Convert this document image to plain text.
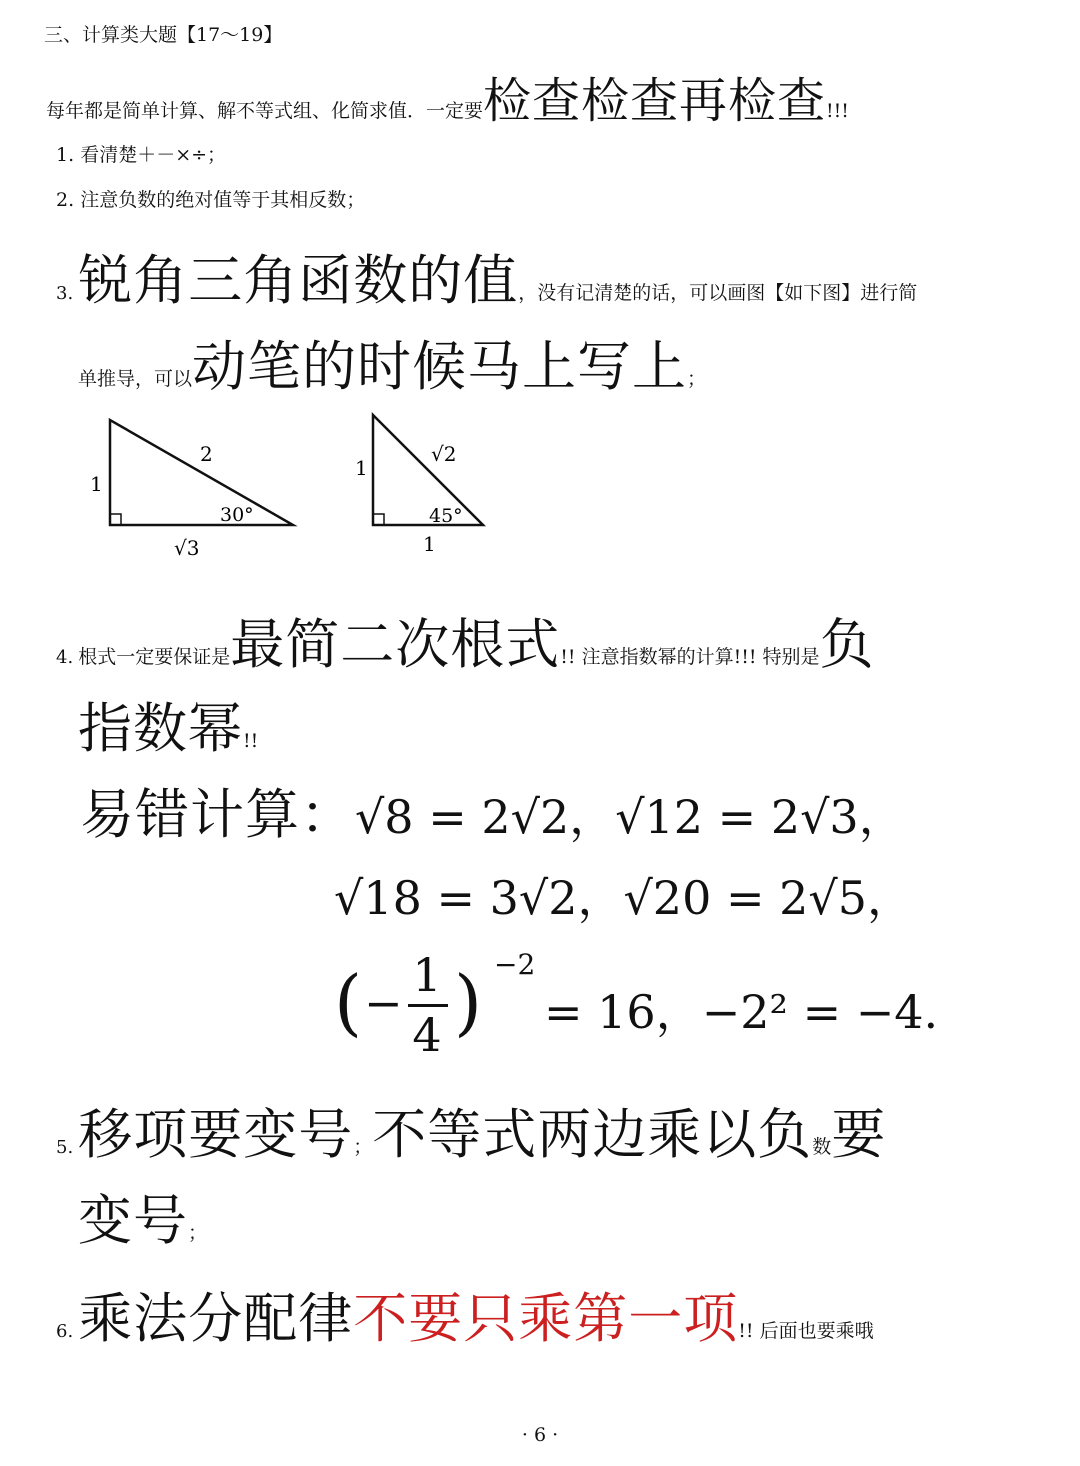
三、计算类大题【17～19】
每年都是简单计算、解不等式组、化简求值．一定要检查检查再检查!!!
1. 看清楚＋－×÷；
2. 注意负数的绝对值等于其相反数；
3. 锐角三角函数的值，没有记清楚的话，可以画图【如下图】进行简
单推导，可以动笔的时候马上写上；
1
2
√3
30°
1
√2
1
45°
4. 根式一定要保证是最简二次根式!! 注意指数幂的计算!!! 特别是负
指数幂!!
易错计算：√8 = 2√2，√12 = 2√3，
√18 = 3√2，√20 = 2√5，
( −
1
4 ) −2
= 16，−2² = −4.
5. 移项要变号；不等式两边乘以负数要
变号；
6. 乘法分配律不要只乘第一项!! 后面也要乘哦
· 6 ·
